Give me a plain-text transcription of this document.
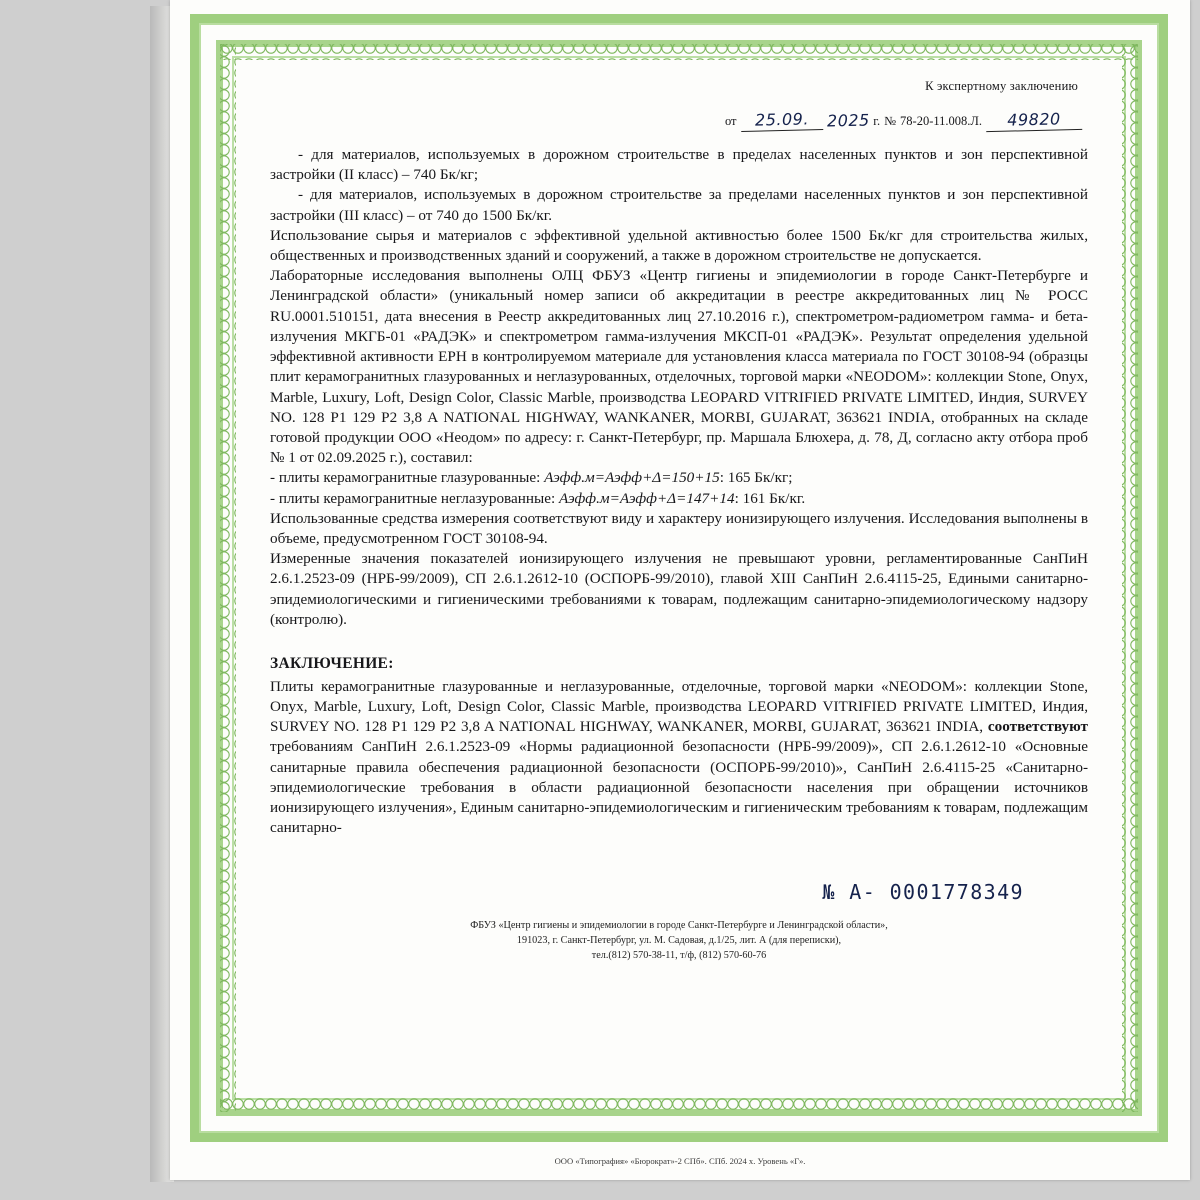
К экспертному заключению
от	25.09.	2025 г. № 78-20-11.008.Л.	49820

- для материалов, используемых в дорожном строительстве в пределах населенных пунктов и зон перспективной застройки (II класс) – 740 Бк/кг;

- для материалов, используемых в дорожном строительстве за пределами населенных пунктов и зон перспективной застройки (III класс) – от 740 до 1500 Бк/кг.

Использование сырья и материалов с эффективной удельной активностью более 1500 Бк/кг для строительства жилых, общественных и производственных зданий и сооружений, а также в дорожном строительстве не допускается.

Лабораторные исследования выполнены ОЛЦ ФБУЗ «Центр гигиены и эпидемиологии в городе Санкт-Петербурге и Ленинградской области» (уникальный номер записи об аккредитации в реестре аккредитованных лиц № РОСС RU.0001.510151, дата внесения в Реестр аккредитованных лиц 27.10.2016 г.), спектрометром-радиометром гамма- и бета-излучения МКГБ-01 «РАДЭК» и спектрометром гамма-излучения МКСП-01 «РАДЭК». Результат определения удельной эффективной активности ЕРН в контролируемом материале для установления класса материала по ГОСТ 30108-94 (образцы плит керамогранитных глазурованных и неглазурованных, отделочных, торговой марки «NEODOM»: коллекции Stone, Onyx, Marble, Luxury, Loft, Design Color, Classic Marble, производства LEOPARD VITRIFIED PRIVATE LIMITED, Индия, SURVEY NO. 128 P1 129 P2 3,8 A NATIONAL HIGHWAY, WANKANER, MORBI, GUJARAT, 363621 INDIA, отобранных на складе готовой продукции ООО «Неодом» по адресу: г. Санкт-Петербург, пр. Маршала Блюхера, д. 78, Д, согласно акту отбора проб № 1 от 02.09.2025 г.), составил:

- плиты керамогранитные глазурованные: Аэфф.м=Аэфф+Δ=150+15: 165 Бк/кг;

- плиты керамогранитные неглазурованные: Аэфф.м=Аэфф+Δ=147+14: 161 Бк/кг.

Использованные средства измерения соответствуют виду и характеру ионизирующего излучения. Исследования выполнены в объеме, предусмотренном ГОСТ 30108-94.

Измеренные значения показателей ионизирующего излучения не превышают уровни, регламентированные СанПиН 2.6.1.2523-09 (НРБ-99/2009), СП 2.6.1.2612-10 (ОСПОРБ-99/2010), главой XIII СанПиН 2.6.4115-25, Едиными санитарно-эпидемиологическими и гигиеническими требованиями к товарам, подлежащим санитарно-эпидемиологическому надзору (контролю).

ЗАКЛЮЧЕНИЕ:

Плиты керамогранитные глазурованные и неглазурованные, отделочные, торговой марки «NEODOM»: коллекции Stone, Onyx, Marble, Luxury, Loft, Design Color, Classic Marble, производства LEOPARD VITRIFIED PRIVATE LIMITED, Индия, SURVEY NO. 128 P1 129 P2 3,8 A NATIONAL HIGHWAY, WANKANER, MORBI, GUJARAT, 363621 INDIA, соответствуют требованиям СанПиН 2.6.1.2523-09 «Нормы радиационной безопасности (НРБ-99/2009)», СП 2.6.1.2612-10 «Основные санитарные правила обеспечения радиационной безопасности (ОСПОРБ-99/2010)», СанПиН 2.6.4115-25 «Санитарно-эпидемиологические требования в области радиационной безопасности населения при обращении источников ионизирующего излучения», Единым санитарно-эпидемиологическим и гигиеническим требованиям к товарам, подлежащим санитарно-

№ А- 0001778349
ФБУЗ «Центр гигиены и эпидемиологии в городе Санкт-Петербурге и Ленинградской области»,
191023, г. Санкт-Петербург, ул. М. Садовая, д.1/25, лит. А (для переписки),
тел.(812) 570-38-11, т/ф, (812) 570-60-76
ООО «Типография» «Бюрократ»-2 СПб». СПб. 2024 х. Уровень «Г».
